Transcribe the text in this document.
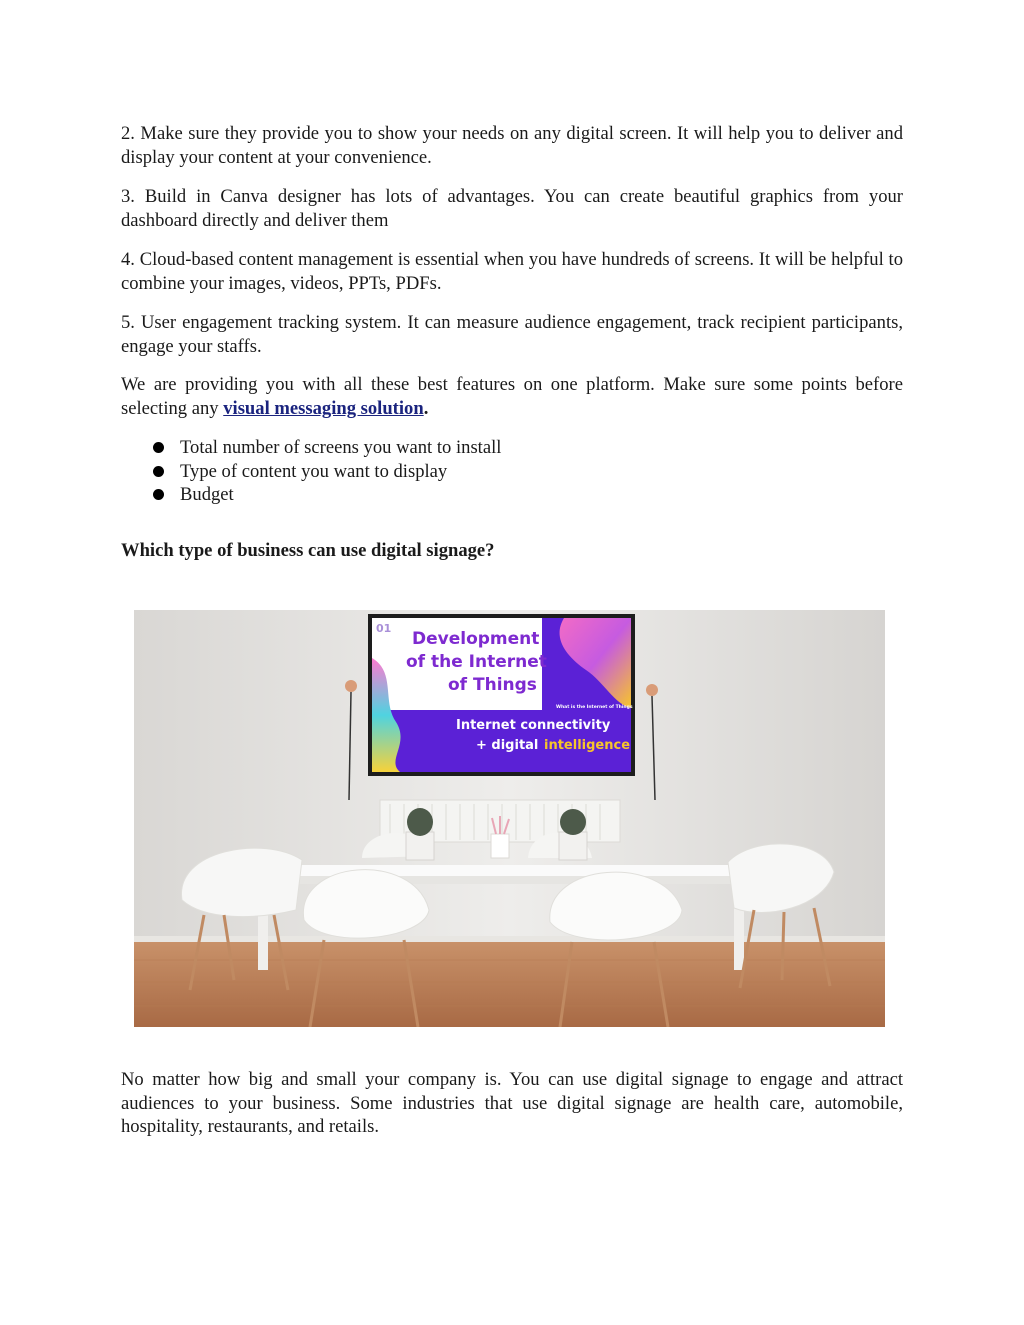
2. Make sure they provide you to show your needs on any digital screen. It will help you to deliver and display your content at your convenience.

3. Build in Canva designer has lots of advantages. You can create beautiful graphics from your dashboard directly and deliver them

4. Cloud-based content management is essential when you have hundreds of screens. It will be helpful to combine your images, videos, PPTs, PDFs.

5. User engagement tracking system. It can measure audience engagement, track recipient participants, engage your staffs.

We are providing you with all these best features on one platform. Make sure some points before selecting any visual messaging solution.

Total number of screens you want to install
Type of content you want to display
Budget
Which type of business can use digital signage?
01
Development
of the Internet
of Things
What is the Internet of Things
Internet connectivity
+ digital intelligence

No matter how big and small your company is. You can use digital signage to engage and attract audiences to your business. Some industries that use digital signage are health care, automobile, hospitality, restaurants, and retails.
